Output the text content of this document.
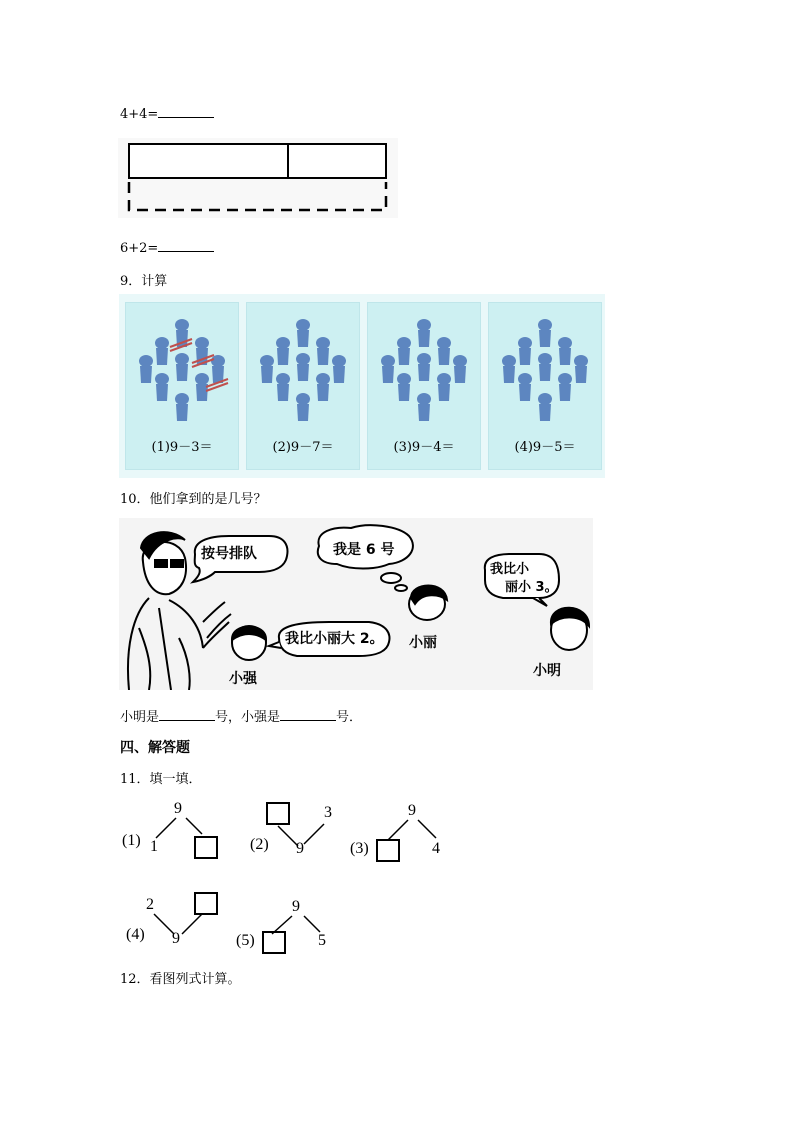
4+4=
6+2=
9．计算
(1)9－3＝	(2)9－7＝	(3)9－4＝	(4)9－5＝
10．他们拿到的是几号？
按号排队	我是 6 号
我比小丽大 2。
我比小
丽小 3。
小强
小丽
小明
小明是	号，小强是	号．
四、解答题
11．填一填．
(1)
9
1	(2)
3
9	(3)
9
4
(4)
2
9	(5)
9
5
12．看图列式计算。
